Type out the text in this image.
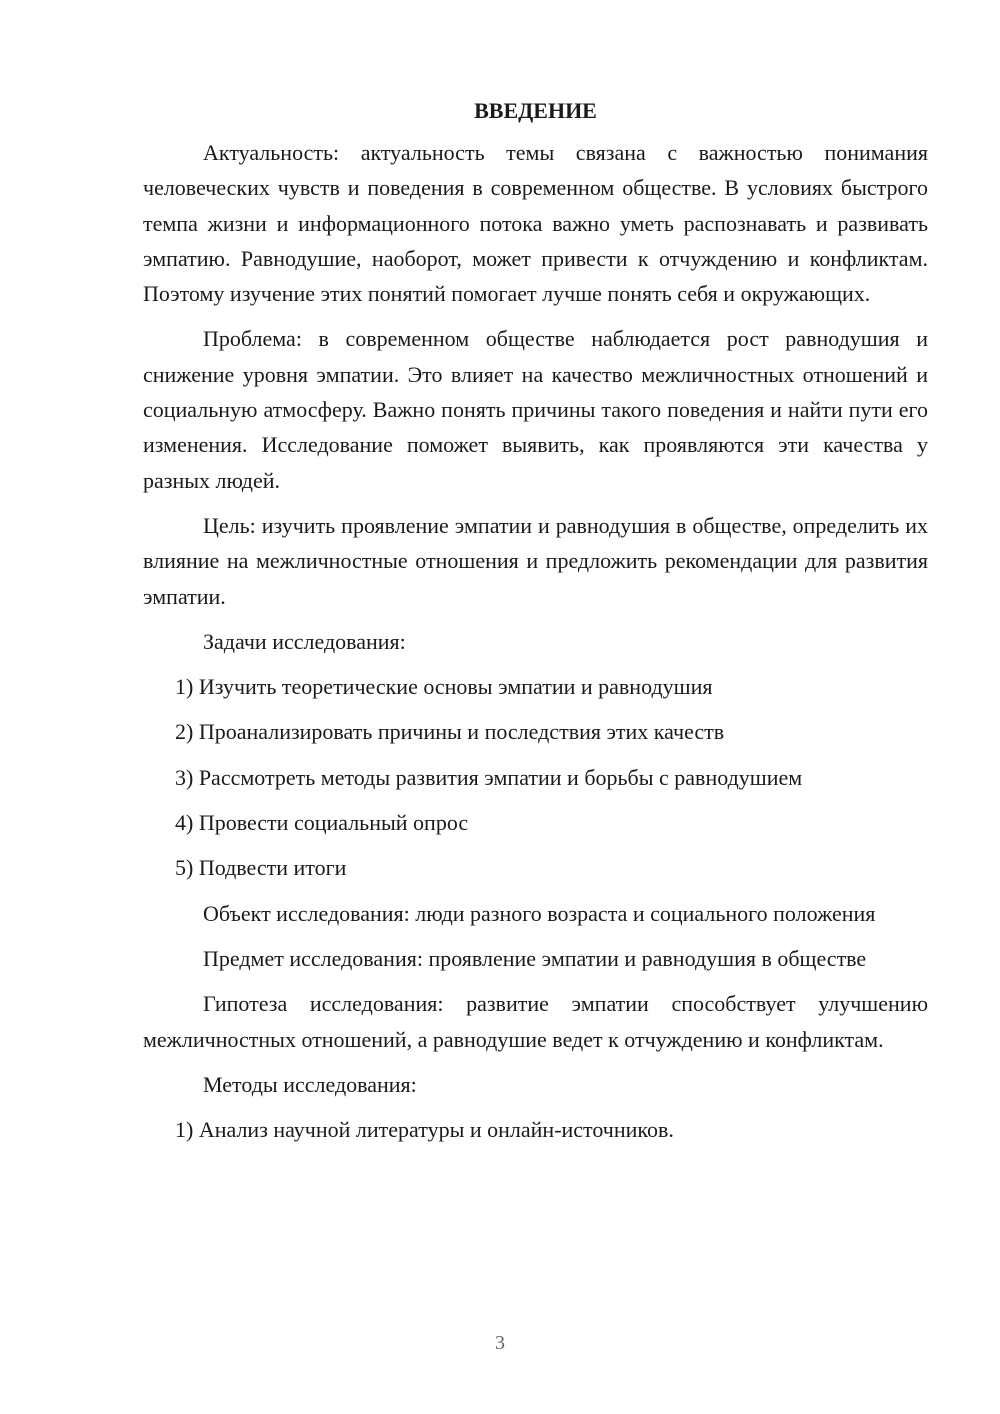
ВВЕДЕНИЕ

Актуальность: актуальность темы связана с важностью понимания человеческих чувств и поведения в современном обществе. В условиях быстрого темпа жизни и информационного потока важно уметь распознавать и развивать эмпатию. Равнодушие, наоборот, может привести к отчуждению и конфликтам. Поэтому изучение этих понятий помогает лучше понять себя и окружающих.

Проблема: в современном обществе наблюдается рост равнодушия и снижение уровня эмпатии. Это влияет на качество межличностных отношений и социальную атмосферу. Важно понять причины такого поведения и найти пути его изменения. Исследование поможет выявить, как проявляются эти качества у разных людей.

Цель: изучить проявление эмпатии и равнодушия в обществе, определить их влияние на межличностные отношения и предложить рекомендации для развития эмпатии.

Задачи исследования:

1) Изучить теоретические основы эмпатии и равнодушия
2) Проанализировать причины и последствия этих качеств
3) Рассмотреть методы развития эмпатии и борьбы с равнодушием
4) Провести социальный опрос
5) Подвести итоги

Объект исследования: люди разного возраста и социального положения

Предмет исследования: проявление эмпатии и равнодушия в обществе

Гипотеза исследования: развитие эмпатии способствует улучшению межличностных отношений, а равнодушие ведет к отчуждению и конфликтам.

Методы исследования:

1) Анализ научной литературы и онлайн-источников.
3
